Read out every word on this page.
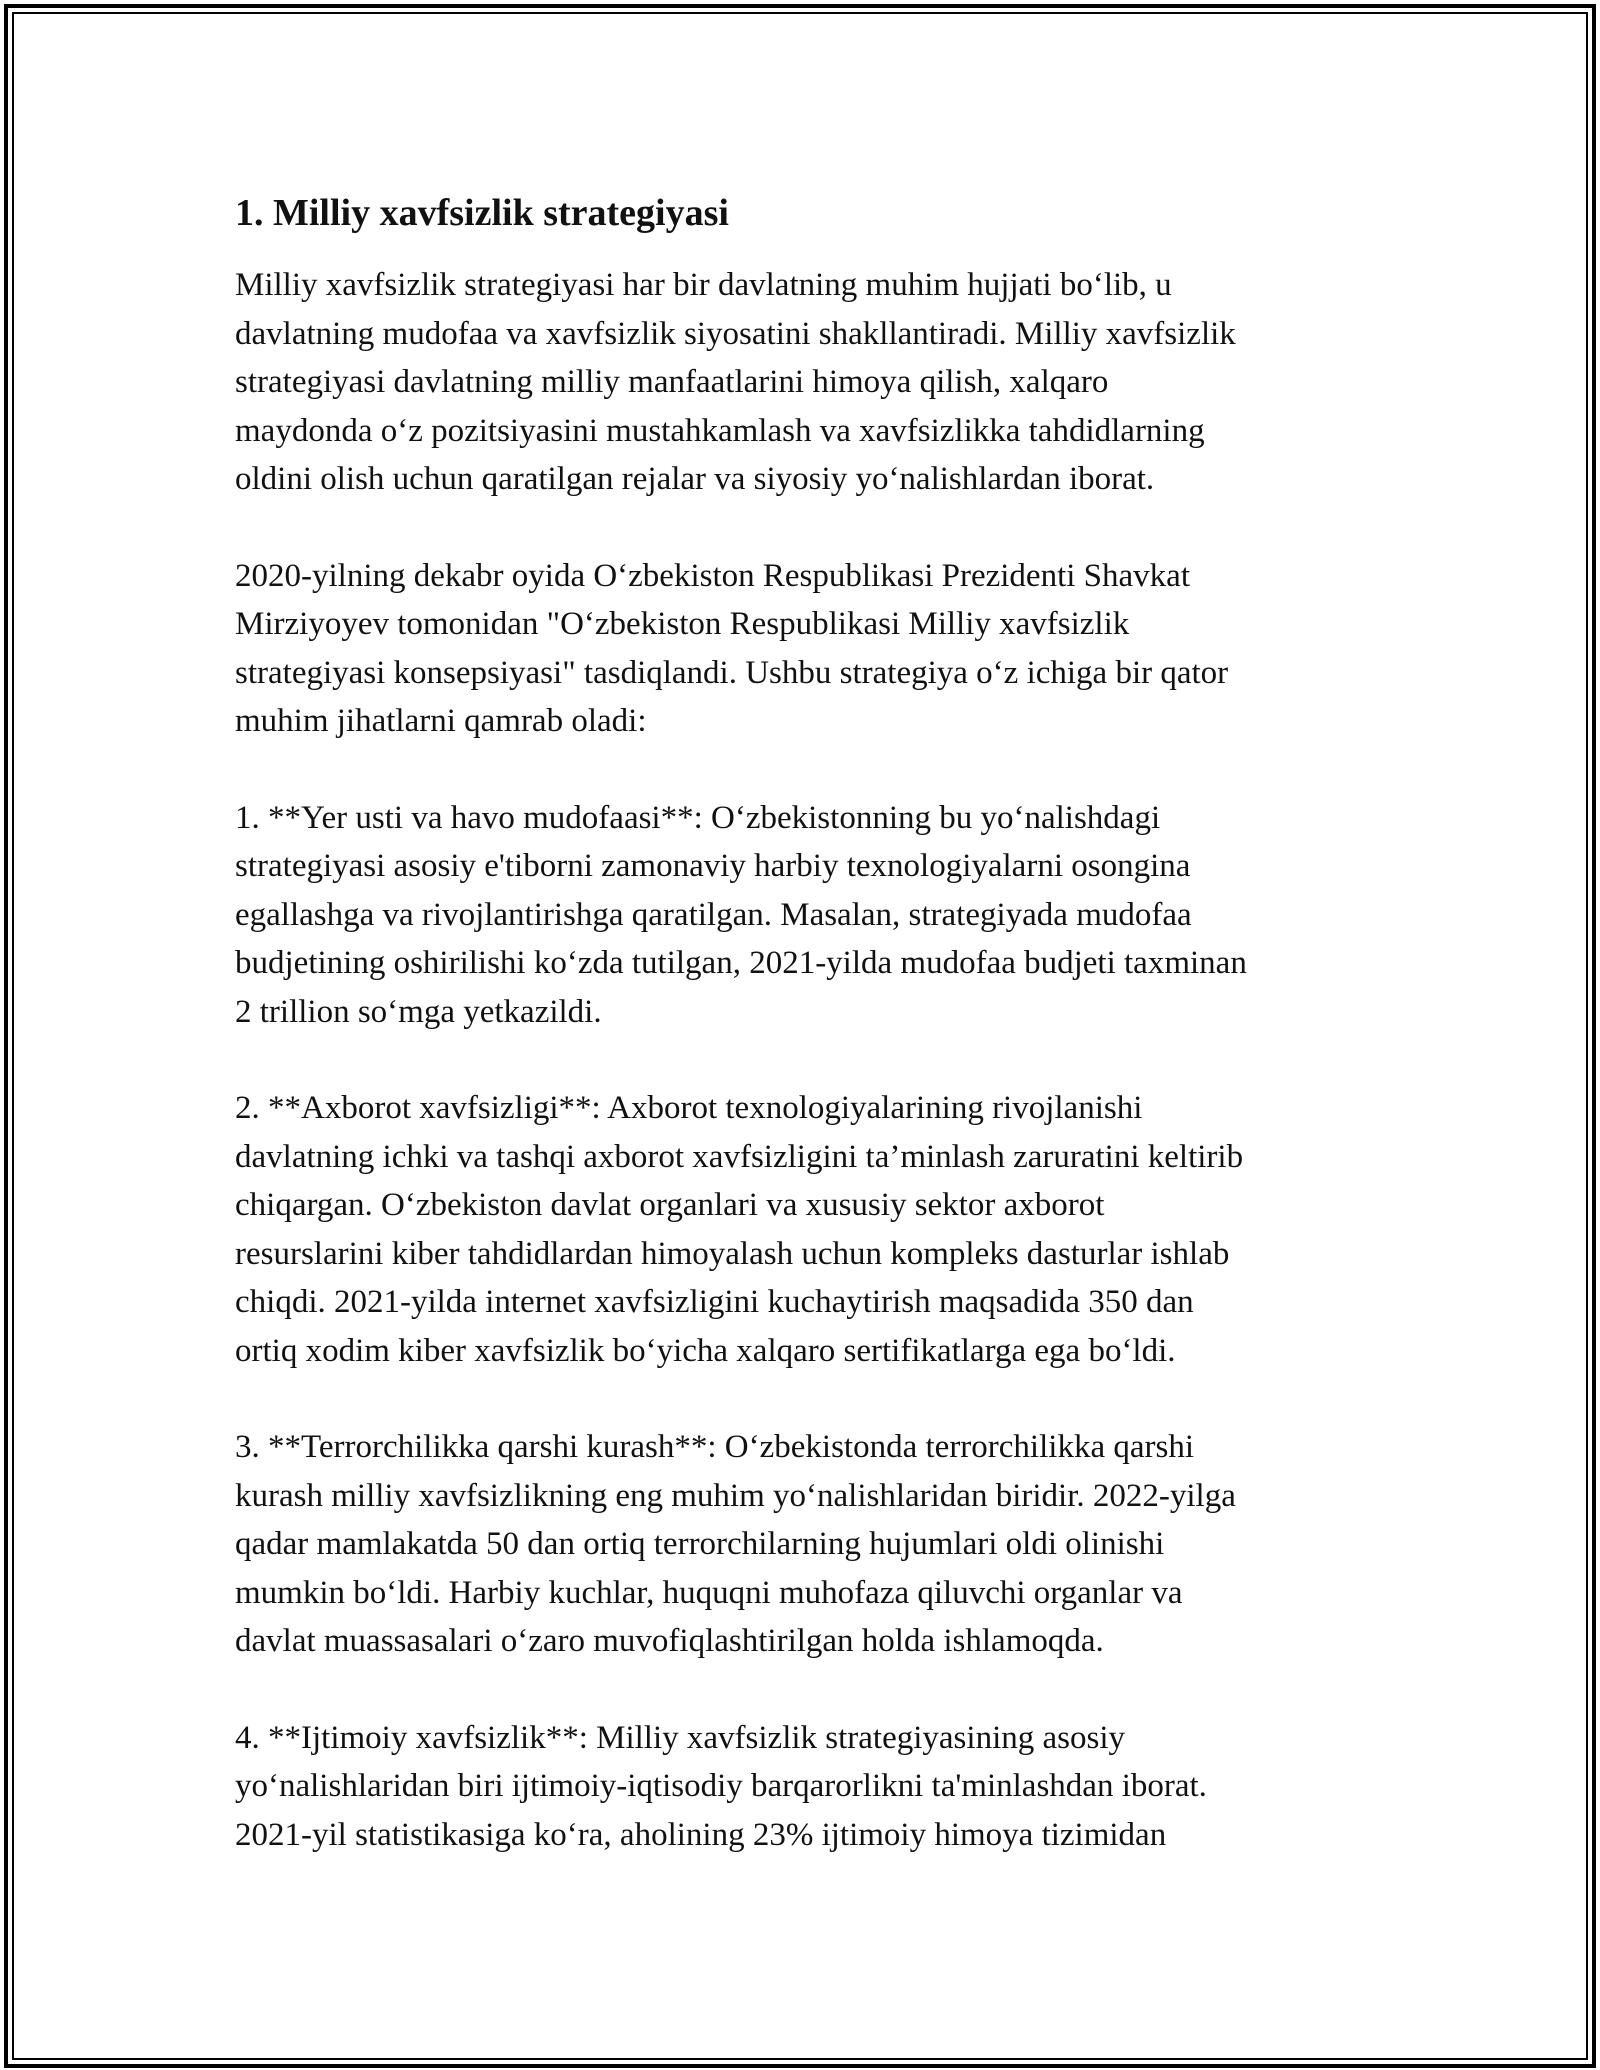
1. Milliy xavfsizlik strategiyasi

Milliy xavfsizlik strategiyasi har bir davlatning muhim hujjati bo‘lib, u
davlatning mudofaa va xavfsizlik siyosatini shakllantiradi. Milliy xavfsizlik
strategiyasi davlatning milliy manfaatlarini himoya qilish, xalqaro
maydonda o‘z pozitsiyasini mustahkamlash va xavfsizlikka tahdidlarning
oldini olish uchun qaratilgan rejalar va siyosiy yo‘nalishlardan iborat.

2020-yilning dekabr oyida O‘zbekiston Respublikasi Prezidenti Shavkat
Mirziyoyev tomonidan "O‘zbekiston Respublikasi Milliy xavfsizlik
strategiyasi konsepsiyasi" tasdiqlandi. Ushbu strategiya o‘z ichiga bir qator
muhim jihatlarni qamrab oladi:

1. **Yer usti va havo mudofaasi**: O‘zbekistonning bu yo‘nalishdagi
strategiyasi asosiy e'tiborni zamonaviy harbiy texnologiyalarni osongina
egallashga va rivojlantirishga qaratilgan. Masalan, strategiyada mudofaa
budjetining oshirilishi ko‘zda tutilgan, 2021-yilda mudofaa budjeti taxminan
2 trillion so‘mga yetkazildi.

2. **Axborot xavfsizligi**: Axborot texnologiyalarining rivojlanishi
davlatning ichki va tashqi axborot xavfsizligini ta’minlash zaruratini keltirib
chiqargan. O‘zbekiston davlat organlari va xususiy sektor axborot
resurslarini kiber tahdidlardan himoyalash uchun kompleks dasturlar ishlab
chiqdi. 2021-yilda internet xavfsizligini kuchaytirish maqsadida 350 dan
ortiq xodim kiber xavfsizlik bo‘yicha xalqaro sertifikatlarga ega bo‘ldi.

3. **Terrorchilikka qarshi kurash**: O‘zbekistonda terrorchilikka qarshi
kurash milliy xavfsizlikning eng muhim yo‘nalishlaridan biridir. 2022-yilga
qadar mamlakatda 50 dan ortiq terrorchilarning hujumlari oldi olinishi
mumkin bo‘ldi. Harbiy kuchlar, huquqni muhofaza qiluvchi organlar va
davlat muassasalari o‘zaro muvofiqlashtirilgan holda ishlamoqda.

4. **Ijtimoiy xavfsizlik**: Milliy xavfsizlik strategiyasining asosiy
yo‘nalishlaridan biri ijtimoiy-iqtisodiy barqarorlikni ta'minlashdan iborat.
2021-yil statistikasiga ko‘ra, aholining 23% ijtimoiy himoya tizimidan
